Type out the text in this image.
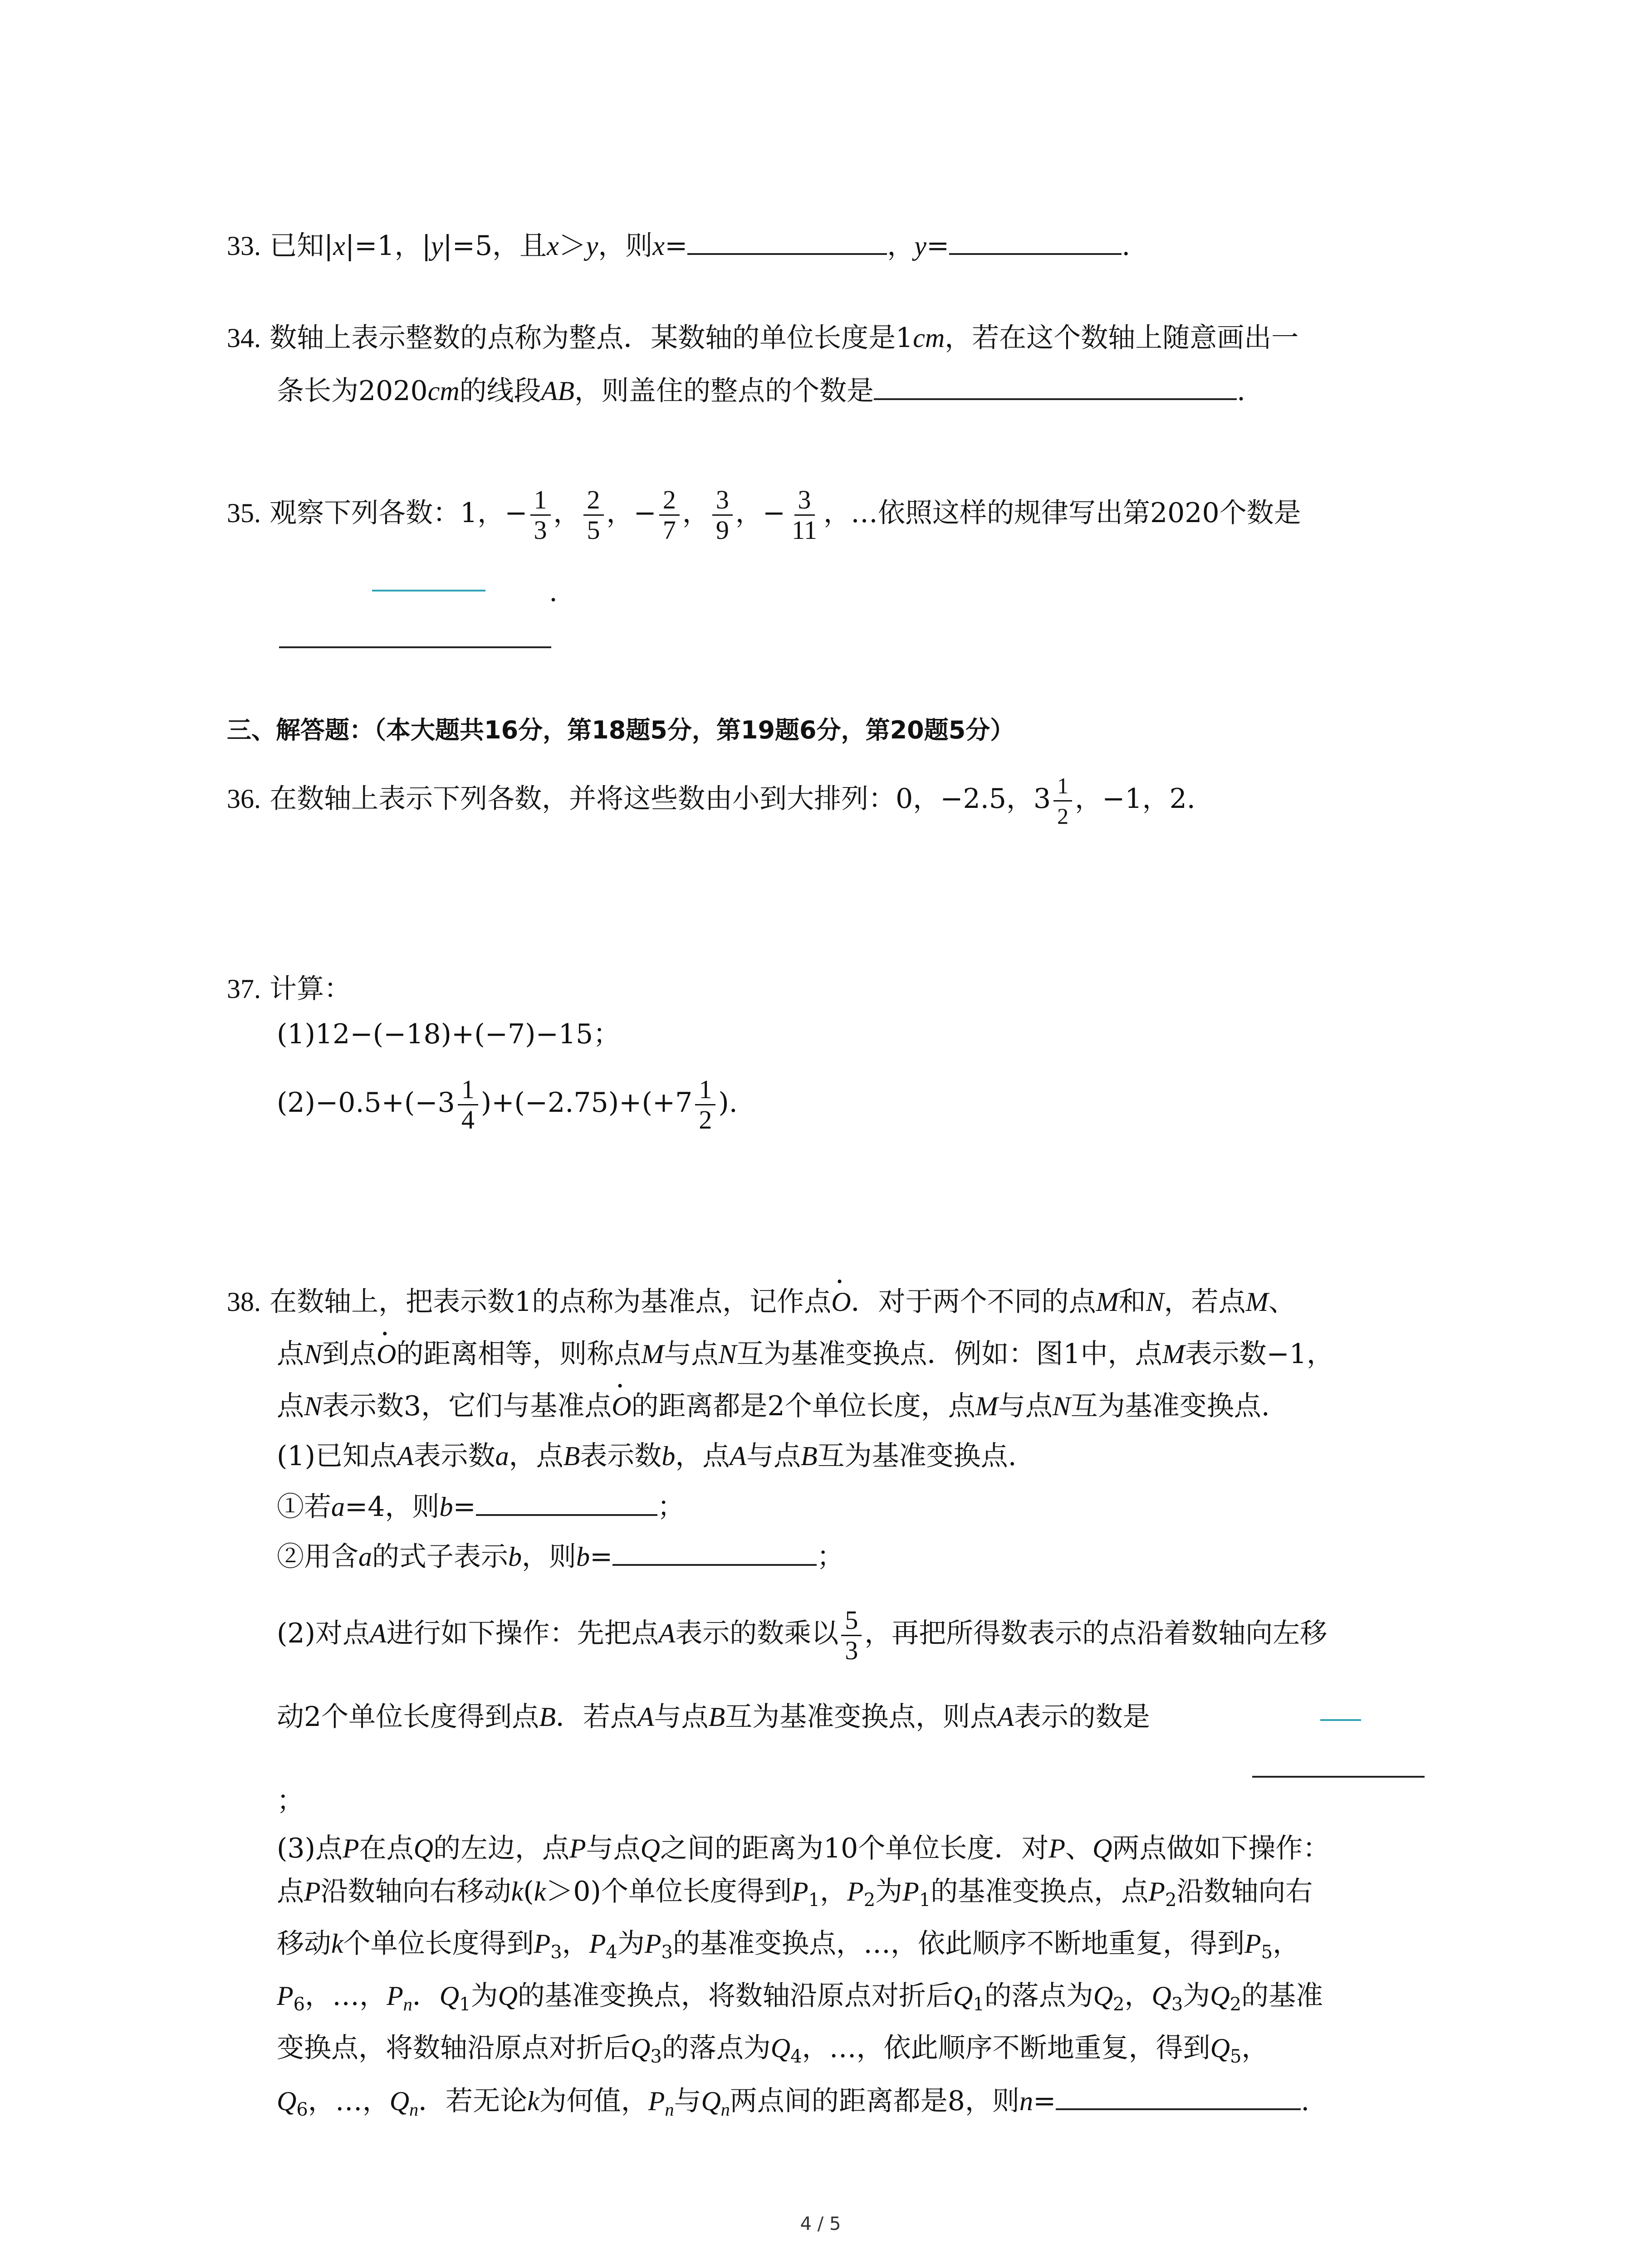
33. 已知|x|=1，|y|=5，且x＞y，则x=	，y=	.
34. 数轴上表示整数的点称为整点．某数轴的单位长度是1cm，若在这个数轴上随意画出一
条长为2020cm的线段AB，则盖住的整点的个数是	.
35. 观察下列各数：1，− $\frac{1}{3}$ ， $\frac{2}{5}$ ，− $\frac{2}{7}$ ， $\frac{3}{9}$ ，− $\frac{3}{11}$ ，…依照这样的规律写出第2020个数是
.
三、解答题：（本大题共16分，第18题5分，第19题6分，第20题5分）
36. 在数轴上表示下列各数，并将这些数由小到大排列：0，−2.5，$3 \frac{1}{2}$ ，−1，2.
37. 计算：
(1)12−(−18)+(−7)−15；
$(2)-0.5+(-3 \frac{1}{4} )+(-2.75)+(+7 \frac{1}{2}$ ).
38. 在数轴上，把表示数1的点称为基准点，记作点• O．对于两个不同的点M和N，若点M、
点N到点• O的距离相等，则称点M与点N互为基准变换点．例如：图1中，点M表示数−1，
点N表示数3，它们与基准点• O的距离都是2个单位长度，点M与点N互为基准变换点.
(1)已知点A表示数a，点B表示数b，点A与点B互为基准变换点.
①若a=4，则b=	；
②用含a的式子表示b，则b=	；
(2)对点A进行如下操作：先把点A表示的数乘以 $\frac{5}{3}$ ，再把所得数表示的点沿着数轴向左移
动2个单位长度得到点B．若点A与点B互为基准变换点，则点A表示的数是
；
(3)点P在点Q的左边，点P与点Q之间的距离为10个单位长度．对P、Q两点做如下操作：
点P沿数轴向右移动k(k＞0)个单位长度得到$P_1$，$P_2$为$P_1$的基准变换点，点$P_2$沿数轴向右
移动k个单位长度得到$P_3$，$P_4$为$P_3$的基准变换点，…，依此顺序不断地重复，得到$P_5$，
$P_6$，…，$P_n$．$Q_1$为Q的基准变换点，将数轴沿原点对折后$Q_1$的落点为$Q_2$，$Q_3$为$Q_2$的基准
变换点，将数轴沿原点对折后$Q_3$的落点为$Q_4$，…，依此顺序不断地重复，得到$Q_5$，
$Q_6$，…，$Q_n$．若无论k为何值，$P_n$与$Q_n$两点间的距离都是8，则n=	.
4 / 5
